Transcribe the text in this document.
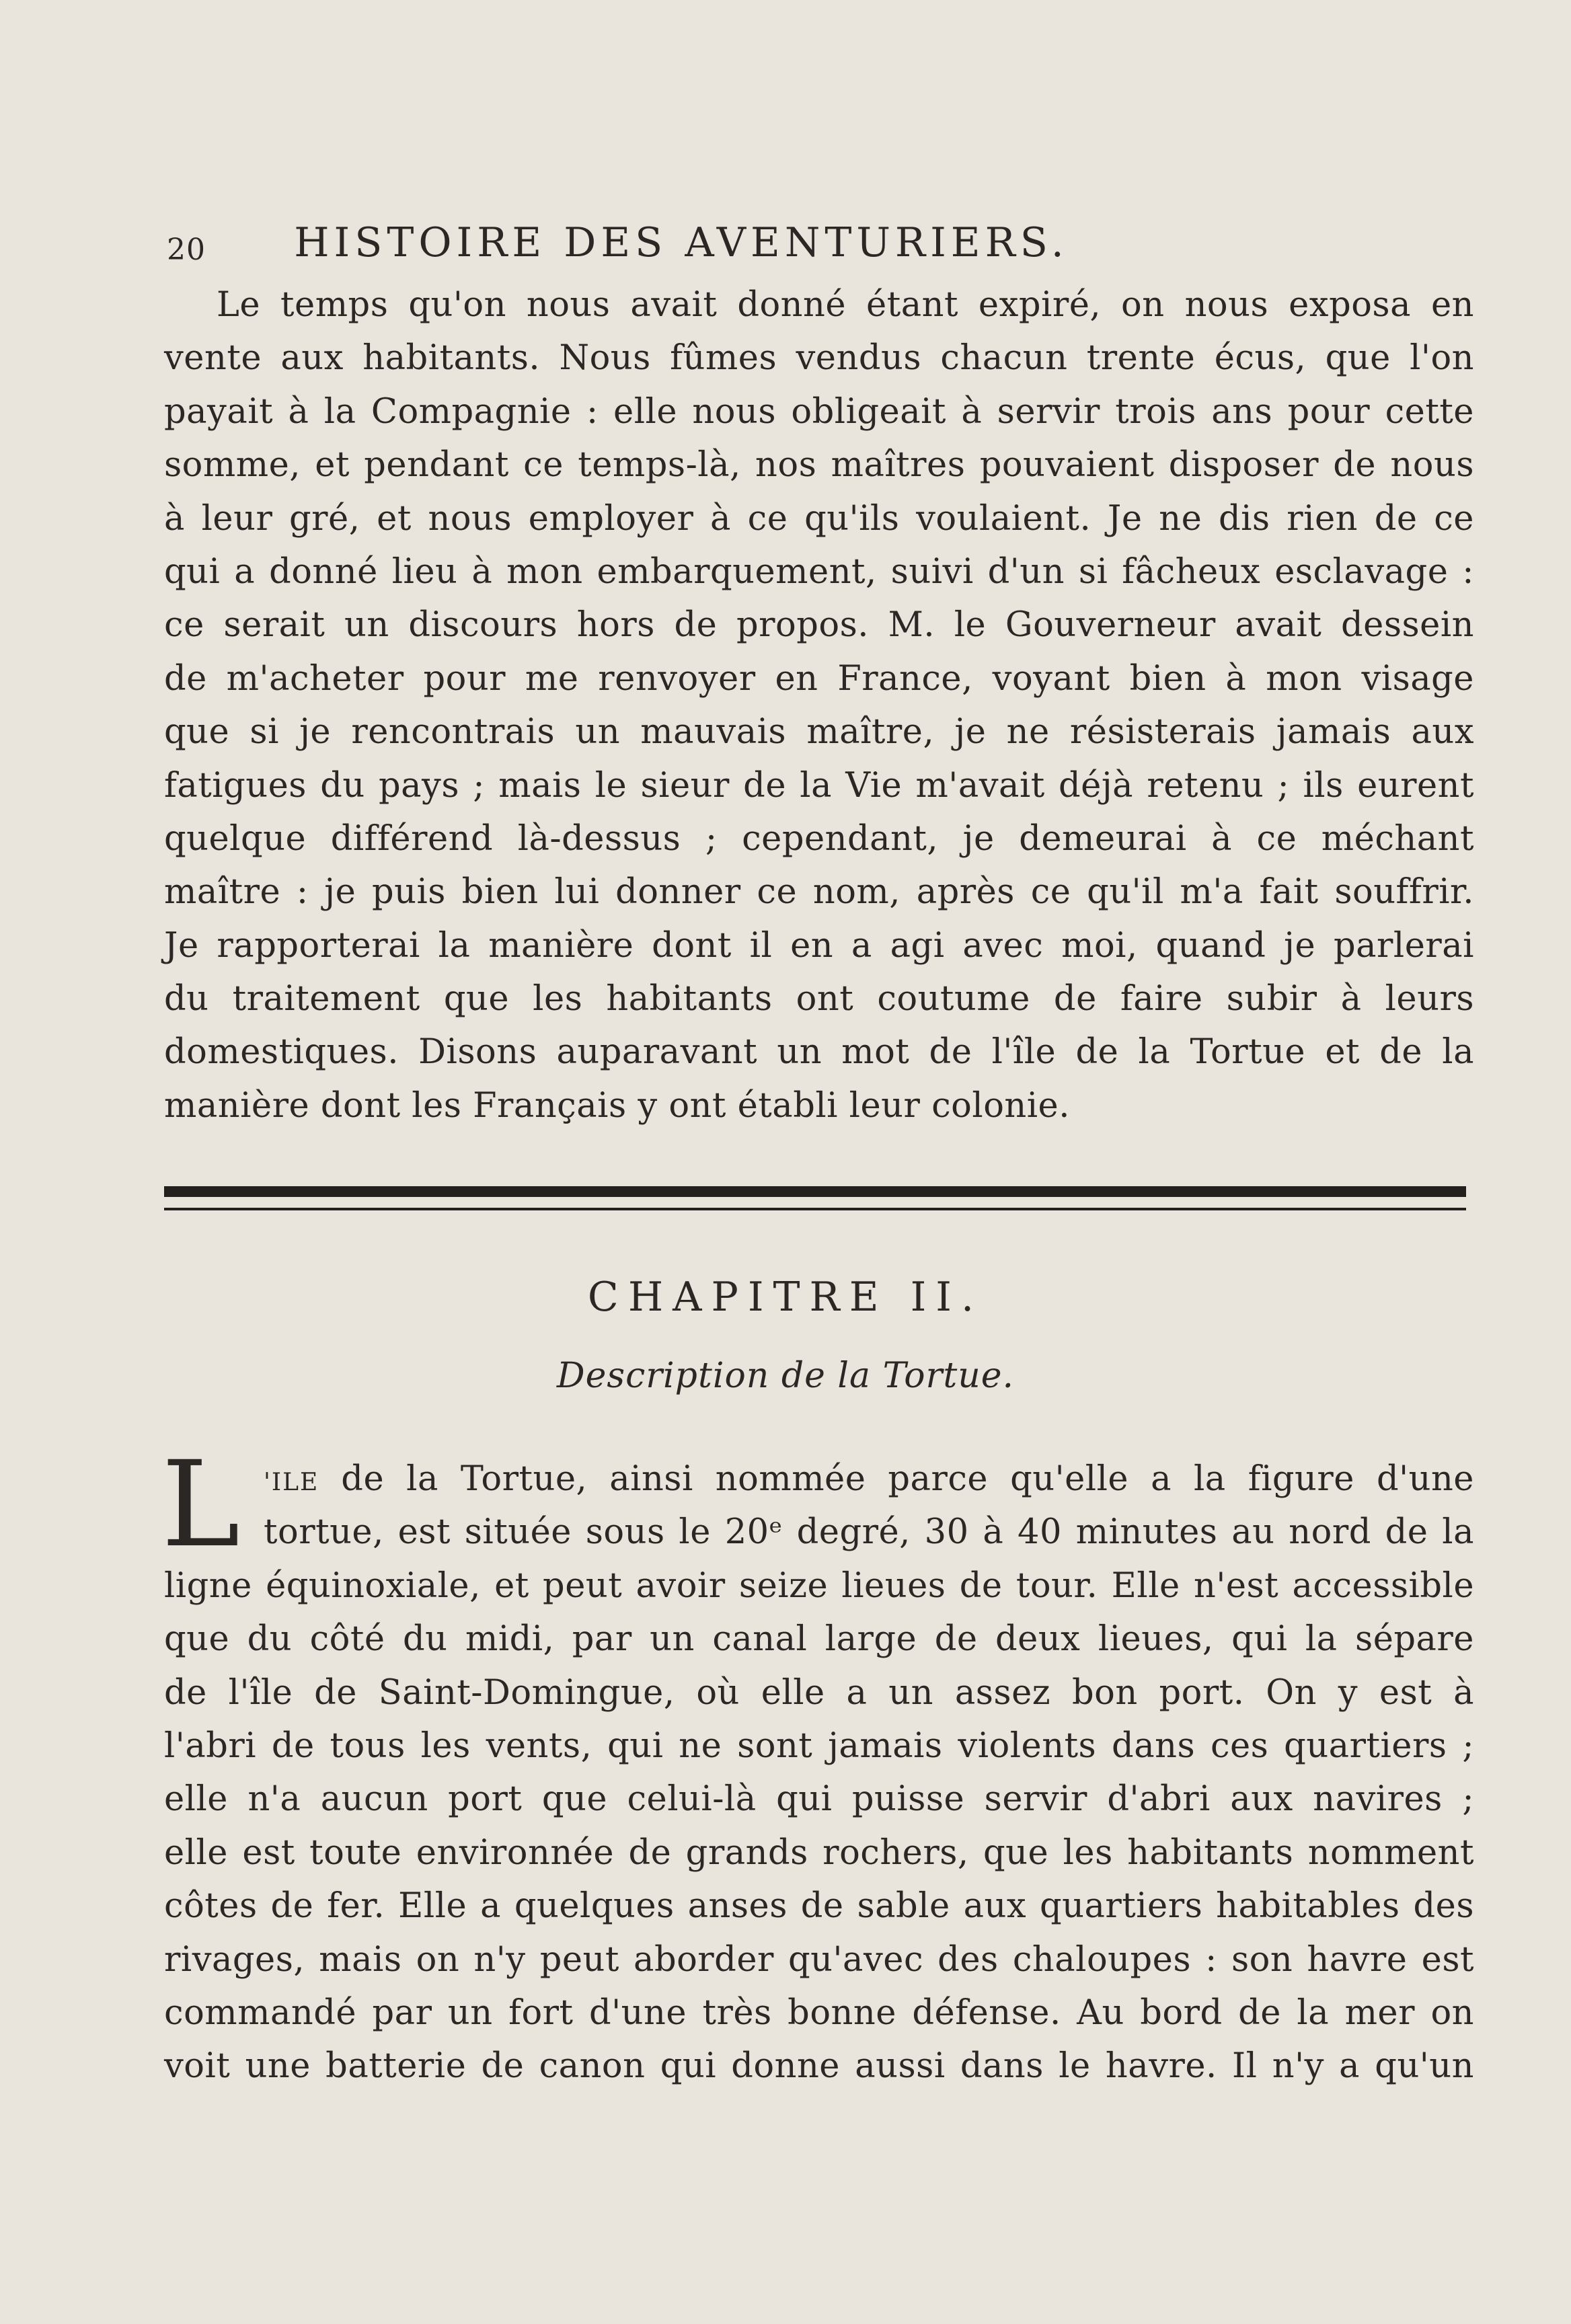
20	HISTOIRE DES AVENTURIERS.
Le temps qu'on nous avait donné étant expiré, on nous exposa en
vente aux habitants. Nous fûmes vendus chacun trente écus, que l'on
payait à la Compagnie : elle nous obligeait à servir trois ans pour cette
somme, et pendant ce temps-là, nos maîtres pouvaient disposer de nous
à leur gré, et nous employer à ce qu'ils voulaient. Je ne dis rien de ce
qui a donné lieu à mon embarquement, suivi d'un si fâcheux esclavage :
ce serait un discours hors de propos. M. le Gouverneur avait dessein
de m'acheter pour me renvoyer en France, voyant bien à mon visage
que si je rencontrais un mauvais maître, je ne résisterais jamais aux
fatigues du pays ; mais le sieur de la Vie m'avait déjà retenu ; ils eurent
quelque différend là-dessus ; cependant, je demeurai à ce méchant
maître : je puis bien lui donner ce nom, après ce qu'il m'a fait souffrir.
Je rapporterai la manière dont il en a agi avec moi, quand je parlerai
du traitement que les habitants ont coutume de faire subir à leurs
domestiques. Disons auparavant un mot de l'île de la Tortue et de la
manière dont les Français y ont établi leur colonie.
CHAPITRE II.
Description de la Tortue.
L 'ILE de la Tortue, ainsi nommée parce qu'elle a la figure d'une
tortue, est située sous le 20ᵉ degré, 30 à 40 minutes au nord de la
ligne équinoxiale, et peut avoir seize lieues de tour. Elle n'est accessible
que du côté du midi, par un canal large de deux lieues, qui la sépare
de l'île de Saint-Domingue, où elle a un assez bon port. On y est à
l'abri de tous les vents, qui ne sont jamais violents dans ces quartiers ;
elle n'a aucun port que celui-là qui puisse servir d'abri aux navires ;
elle est toute environnée de grands rochers, que les habitants nomment
côtes de fer. Elle a quelques anses de sable aux quartiers habitables des
rivages, mais on n'y peut aborder qu'avec des chaloupes : son havre est
commandé par un fort d'une très bonne défense. Au bord de la mer on
voit une batterie de canon qui donne aussi dans le havre. Il n'y a qu'un
